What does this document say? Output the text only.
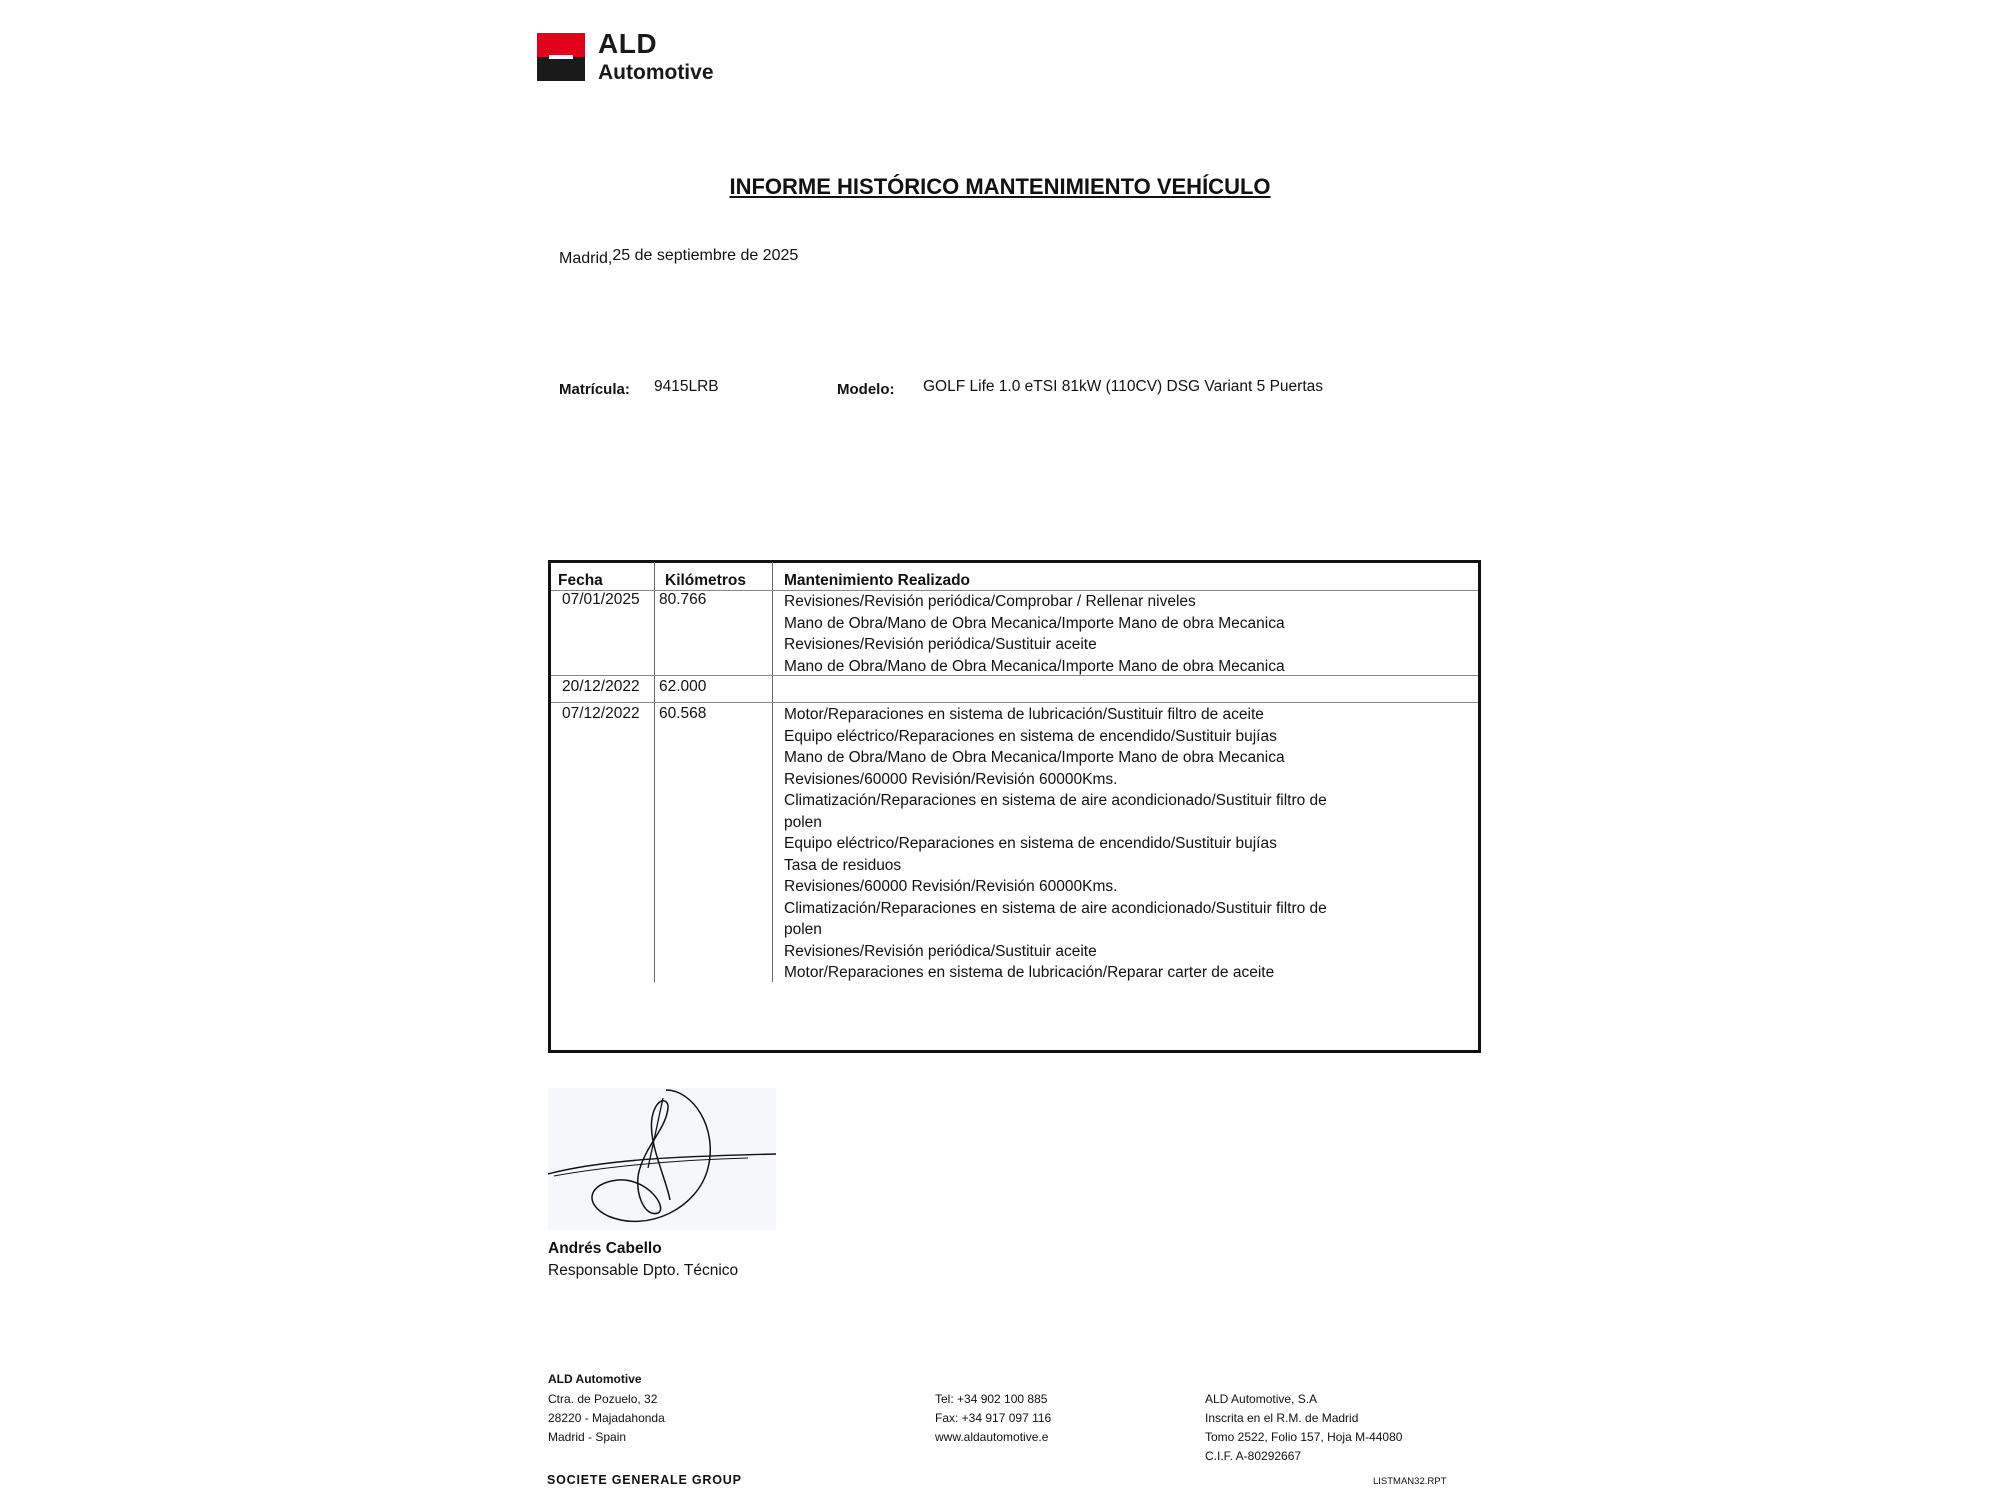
ALD
Automotive
INFORME HISTÓRICO MANTENIMIENTO VEHÍCULO
Madrid,25 de septiembre de 2025
Matrícula: 9415LRB	Modelo: GOLF Life 1.0 eTSI 81kW (110CV) DSG Variant 5 Puertas
Fecha	Kilómetros Mantenimiento Realizado
07/01/2025 80.766	Revisiones/Revisión periódica/Comprobar / Rellenar niveles
Mano de Obra/Mano de Obra Mecanica/Importe Mano de obra Mecanica
Revisiones/Revisión periódica/Sustituir aceite
Mano de Obra/Mano de Obra Mecanica/Importe Mano de obra Mecanica
20/12/2022 62.000
07/12/2022 60.568	Motor/Reparaciones en sistema de lubricación/Sustituir filtro de aceite
Equipo eléctrico/Reparaciones en sistema de encendido/Sustituir bujías
Mano de Obra/Mano de Obra Mecanica/Importe Mano de obra Mecanica
Revisiones/60000 Revisión/Revisión 60000Kms.
Climatización/Reparaciones en sistema de aire acondicionado/Sustituir filtro de
polen
Equipo eléctrico/Reparaciones en sistema de encendido/Sustituir bujías
Tasa de residuos
Revisiones/60000 Revisión/Revisión 60000Kms.
Climatización/Reparaciones en sistema de aire acondicionado/Sustituir filtro de
polen
Revisiones/Revisión periódica/Sustituir aceite
Motor/Reparaciones en sistema de lubricación/Reparar carter de aceite
Andrés Cabello
Responsable Dpto. Técnico
ALD Automotive
Ctra. de Pozuelo, 32
28220 - Majadahonda
Madrid - Spain
Tel: +34 902 100 885
Fax: +34 917 097 116
www.aldautomotive.e
ALD Automotive, S.A
Inscrita en el R.M. de Madrid
Tomo 2522, Folio 157, Hoja M-44080
C.I.F. A-80292667
SOCIETE GENERALE GROUP	LISTMAN32.RPT
